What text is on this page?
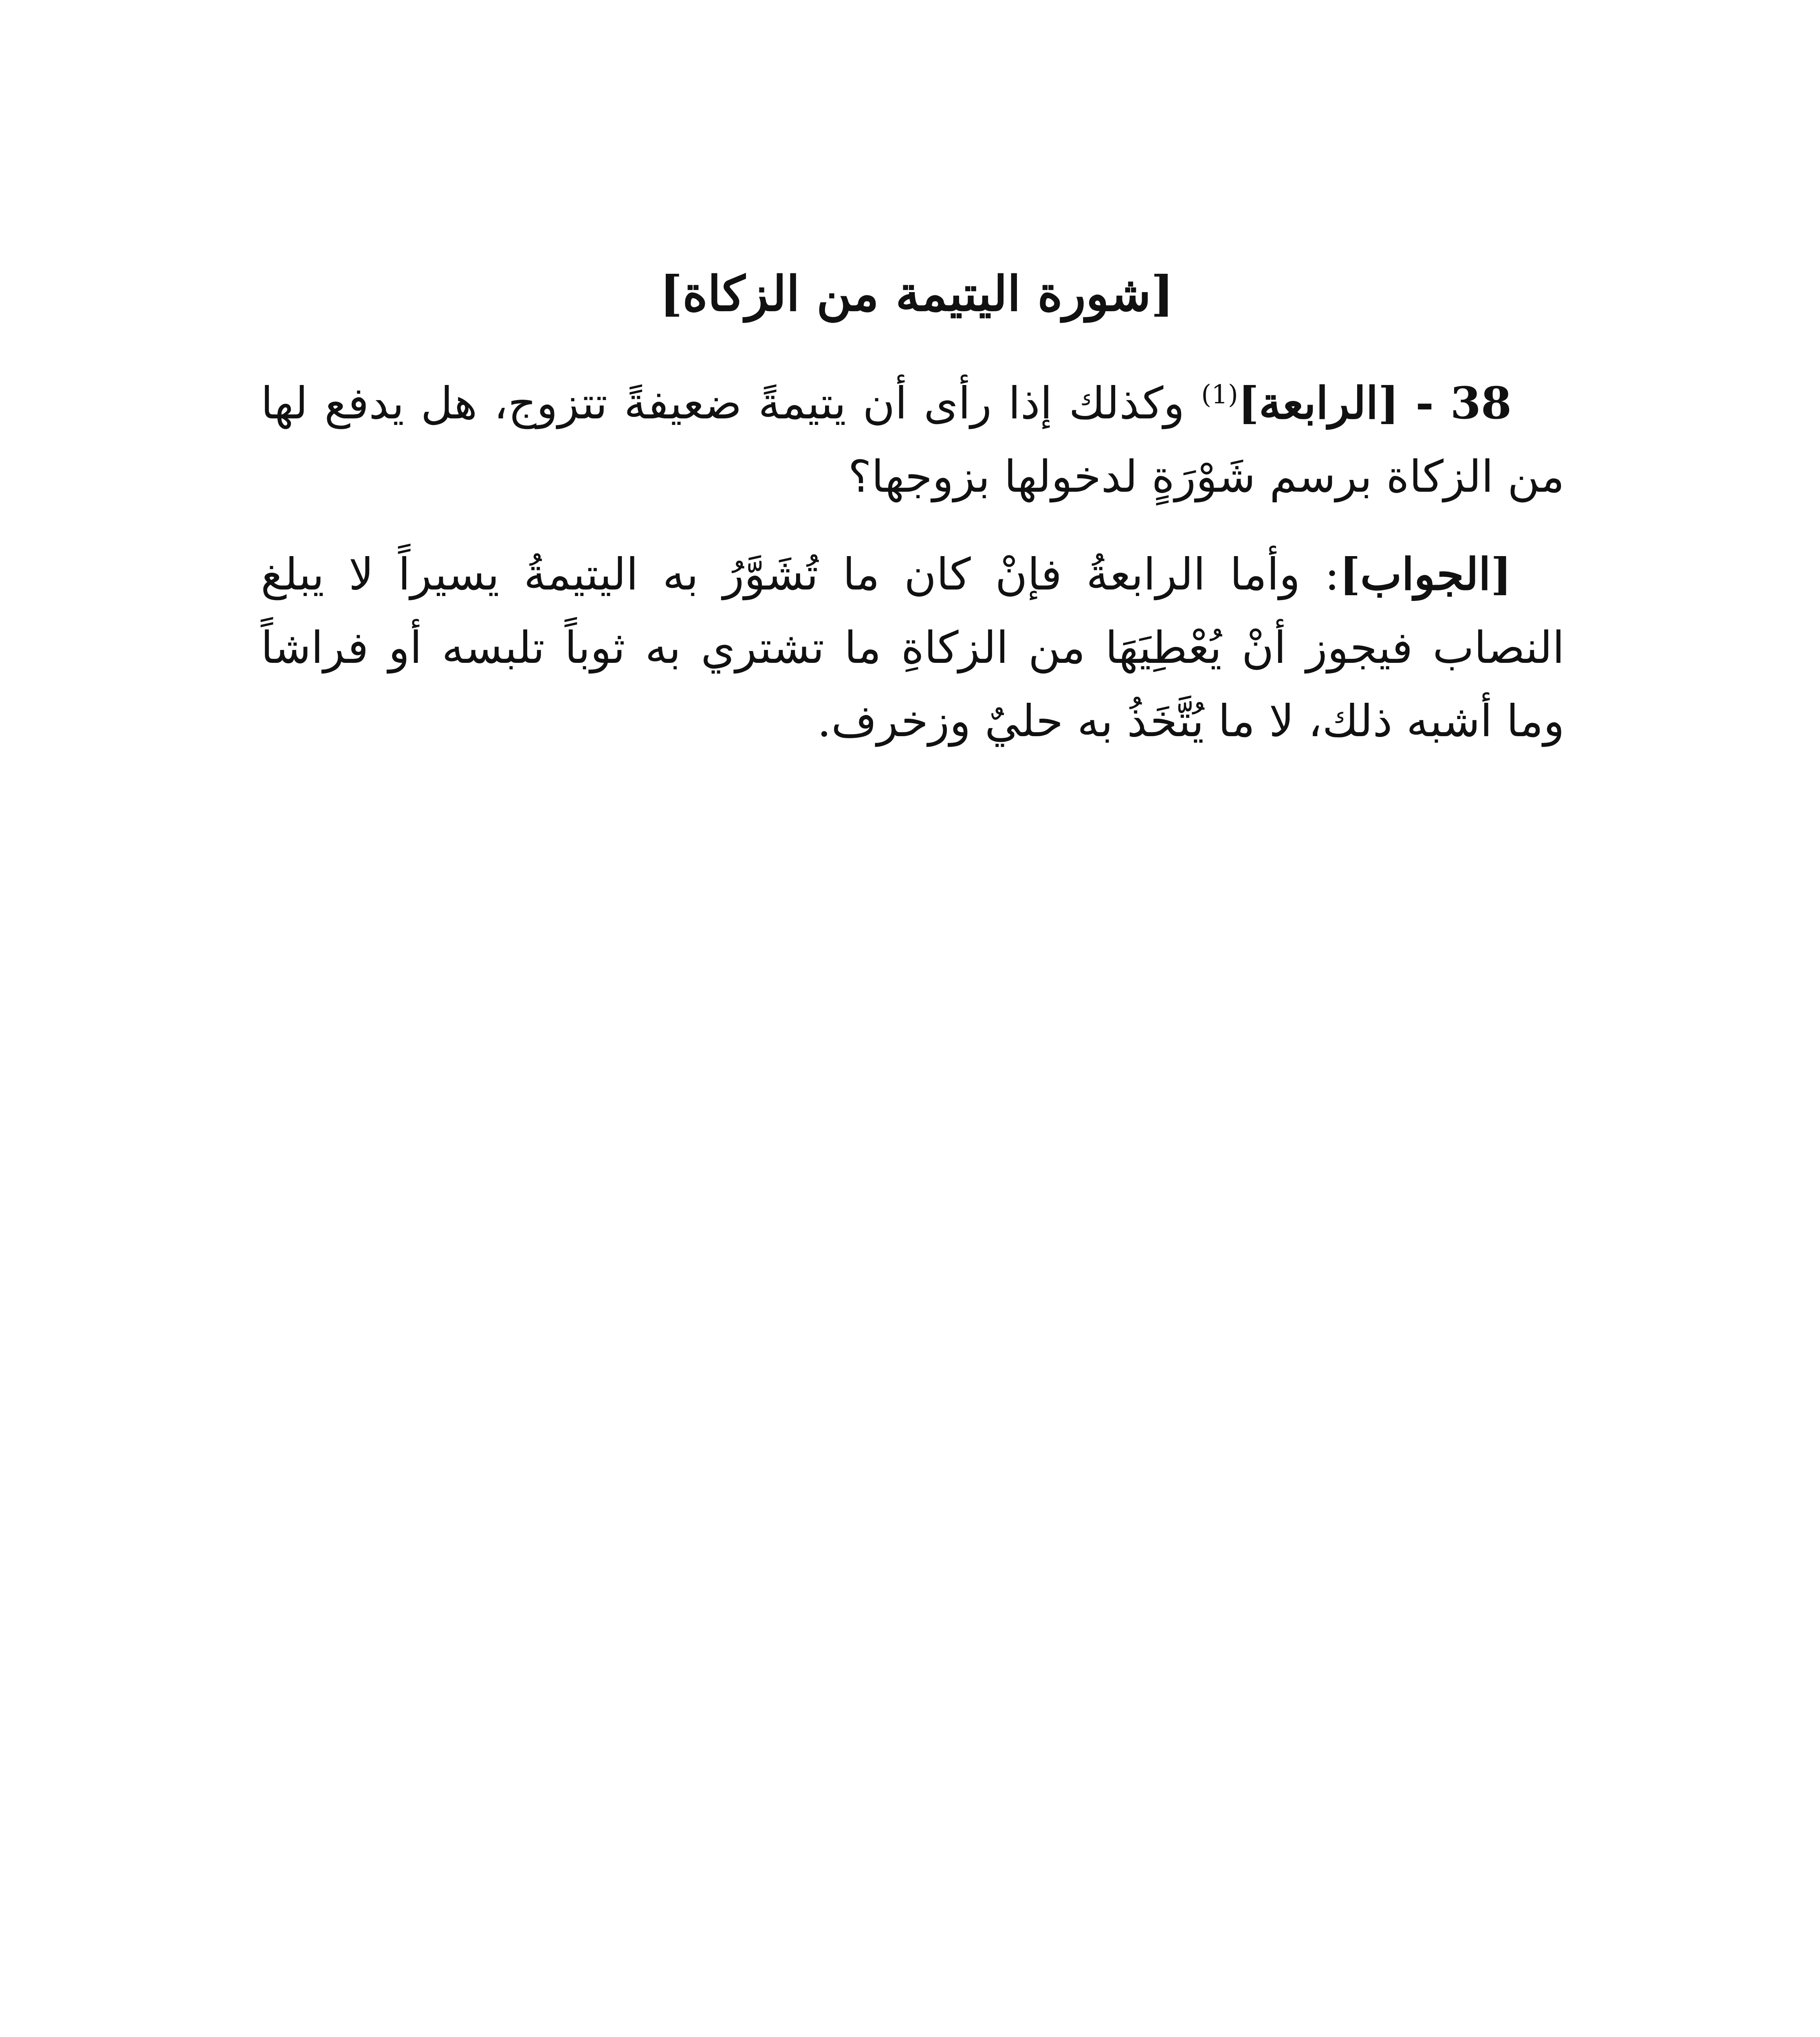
[شورة اليتيمة من الزكاة]
38 - [الرابعة]$^{(1)}$ وكذلك إذا رأى أن يتيمةً ضعيفةً تتزوج، هل يدفع لها من الزكاة برسم شَوْرَةٍ لدخولها بزوجها؟
[الجواب]: وأما الرابعةُ فإنْ كان ما تُشَوَّرُ به اليتيمةُ يسيراً لا يبلغ النصاب فيجوز أنْ يُعْطِيَهَا من الزكاةِ ما تشتري به ثوباً تلبسه أو فراشاً وما أشبه ذلك، لا ما يُتَّخَذُ به حليٌ وزخرف.
